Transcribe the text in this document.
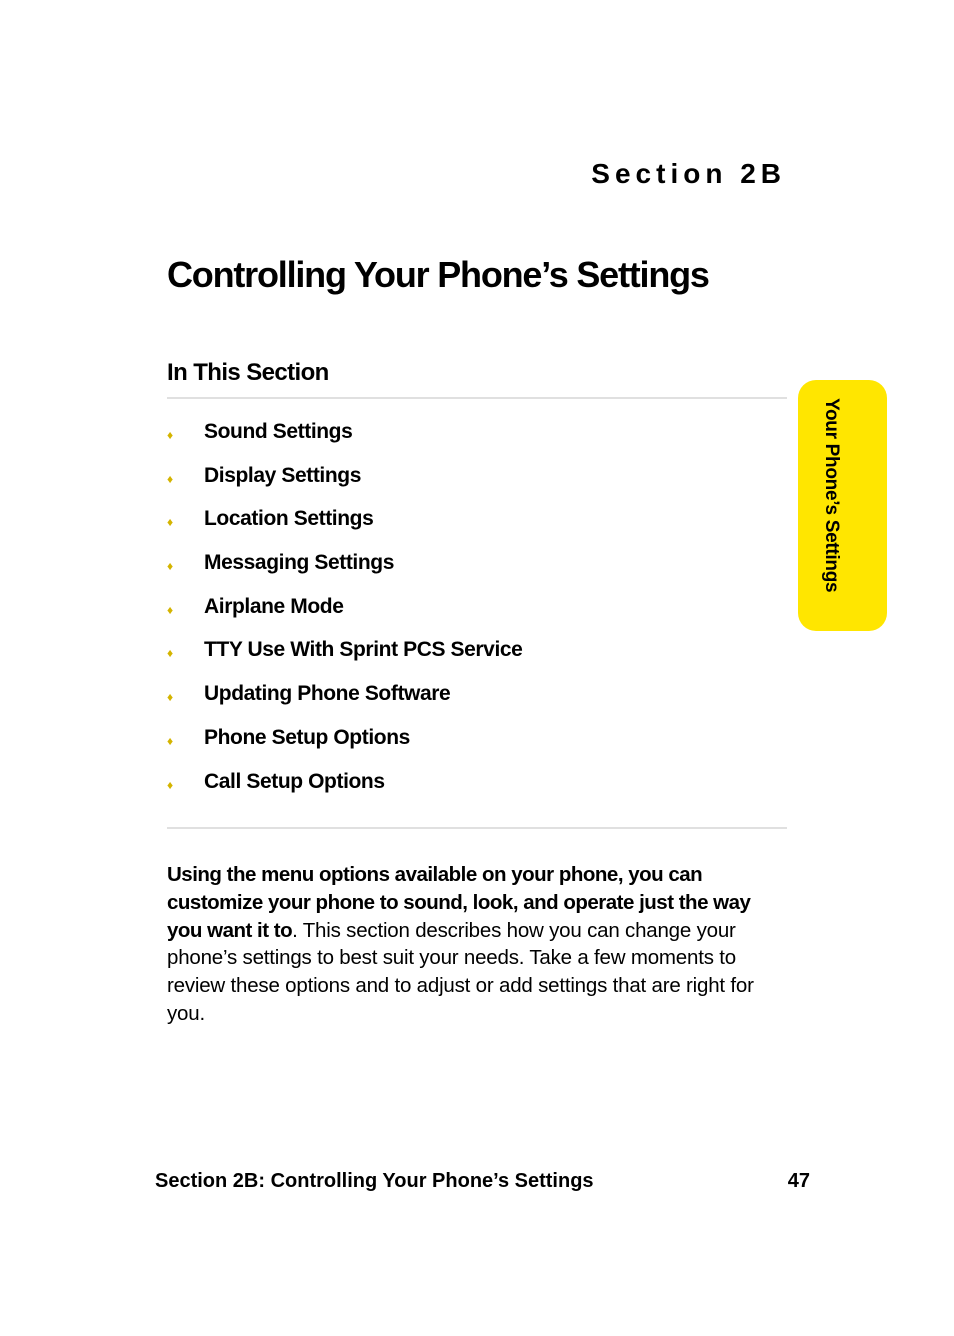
Section 2B
Controlling Your Phone’s Settings
In This Section
♦	Sound Settings
♦	Display Settings
♦	Location Settings
♦	Messaging Settings
♦	Airplane Mode
♦	TTY Use With Sprint PCS Service
♦	Updating Phone Software
♦	Phone Setup Options
♦	Call Setup Options

Using the menu options available on your phone, you can customize your phone to sound, look, and operate just the way you want it to. This section describes how you can change your phone’s settings to best suit your needs. Take a few moments to review these options and to adjust or add settings that are right for you.

Your Phone’s Settings
Section 2B: Controlling Your Phone’s Settings	47
